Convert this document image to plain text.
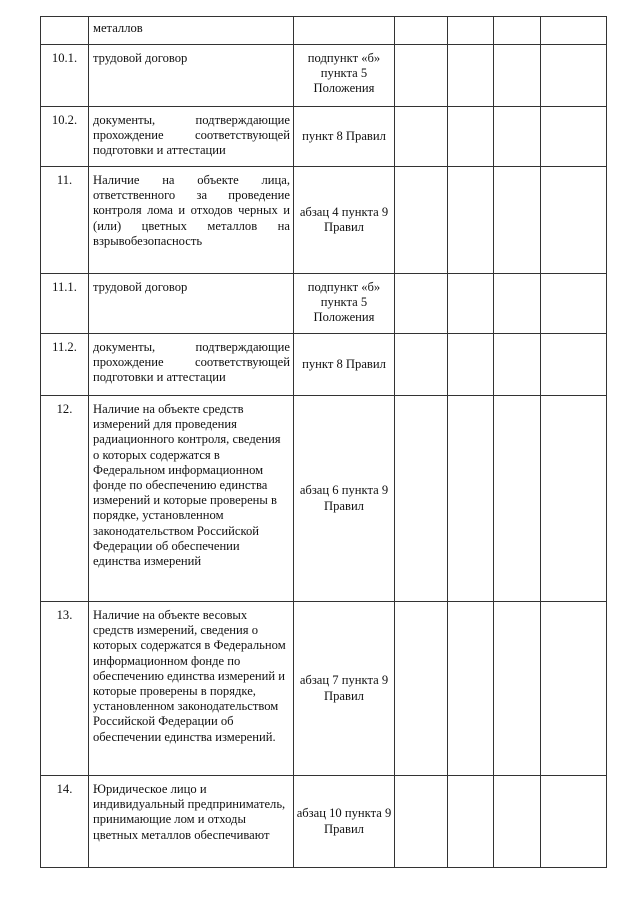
	металлов					
10.1.	трудовой договор	подпункт «б» пункта 5 Положения				
10.2.	документы, подтверждающие прохождение соответствующей подготовки и аттестации	пункт 8 Правил				
11.	Наличие на объекте лица, ответственного за проведение контроля лома и отходов черных и (или) цветных металлов на взрывобезопасность	абзац 4 пункта 9 Правил				
11.1.	трудовой договор	подпункт «б» пункта 5 Положения				
11.2.	документы, подтверждающие прохождение соответствующей подготовки и аттестации	пункт 8 Правил				
12.	Наличие на объекте средств измерений для проведения радиационного контроля, сведения о которых содержатся в Федеральном информационном фонде по обеспечению единства измерений и которые проверены в порядке, установленном законодательством Российской Федерации об обеспечении единства измерений	абзац 6 пункта 9 Правил				
13.	Наличие на объекте весовых средств измерений, сведения о которых содержатся в Федеральном информационном фонде по обеспечению единства измерений и которые проверены в порядке, установленном законодательством Российской Федерации об обеспечении единства измерений.	абзац 7 пункта 9 Правил				
14.	Юридическое лицо и индивидуальный предприниматель, принимающие лом и отходы цветных металлов обеспечивают	абзац 10 пункта 9 Правил				
